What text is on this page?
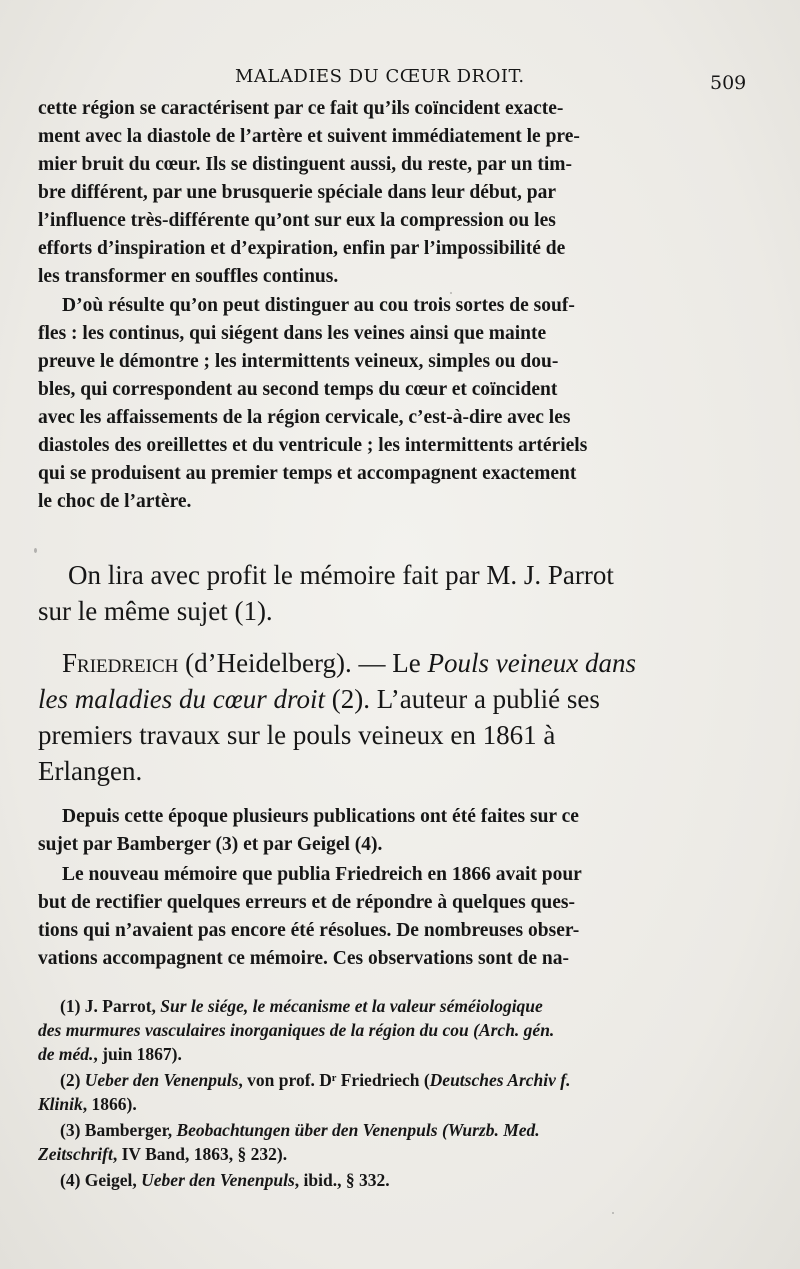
MALADIES DU CŒUR DROIT.	509
cette région se caractérisent par ce fait qu’ils coïncident exacte-
ment avec la diastole de l’artère et suivent immédiatement le pre-
mier bruit du cœur. Ils se distinguent aussi, du reste, par un tim-
bre différent, par une brusquerie spéciale dans leur début, par
l’influence très-différente qu’ont sur eux la compression ou les
efforts d’inspiration et d’expiration, enfin par l’impossibilité de
les transformer en souffles continus.
D’où résulte qu’on peut distinguer au cou trois sortes de souf-
fles : les continus, qui siégent dans les veines ainsi que mainte
preuve le démontre ; les intermittents veineux, simples ou dou-
bles, qui correspondent au second temps du cœur et coïncident
avec les affaissements de la région cervicale, c’est-à-dire avec les
diastoles des oreillettes et du ventricule ; les intermittents artériels
qui se produisent au premier temps et accompagnent exactement
le choc de l’artère.
On lira avec profit le mémoire fait par M. J. Parrot
sur le même sujet (1).
Friedreich (d’Heidelberg). — Le Pouls veineux dans
les maladies du cœur droit (2). L’auteur a publié ses
premiers travaux sur le pouls veineux en 1861 à
Erlangen.
Depuis cette époque plusieurs publications ont été faites sur ce
sujet par Bamberger (3) et par Geigel (4).
Le nouveau mémoire que publia Friedreich en 1866 avait pour
but de rectifier quelques erreurs et de répondre à quelques ques-
tions qui n’avaient pas encore été résolues. De nombreuses obser-
vations accompagnent ce mémoire. Ces observations sont de na-
(1) J. Parrot, Sur le siége, le mécanisme et la valeur séméiologique
des murmures vasculaires inorganiques de la région du cou (Arch. gén.
de méd., juin 1867).
(2) Ueber den Venenpuls, von prof. Dʳ Friedriech (Deutsches Archiv f.
Klinik, 1866).
(3) Bamberger, Beobachtungen über den Venenpuls (Wurzb. Med.
Zeitschrift, IV Band, 1863, § 232).
(4) Geigel, Ueber den Venenpuls, ibid., § 332.
